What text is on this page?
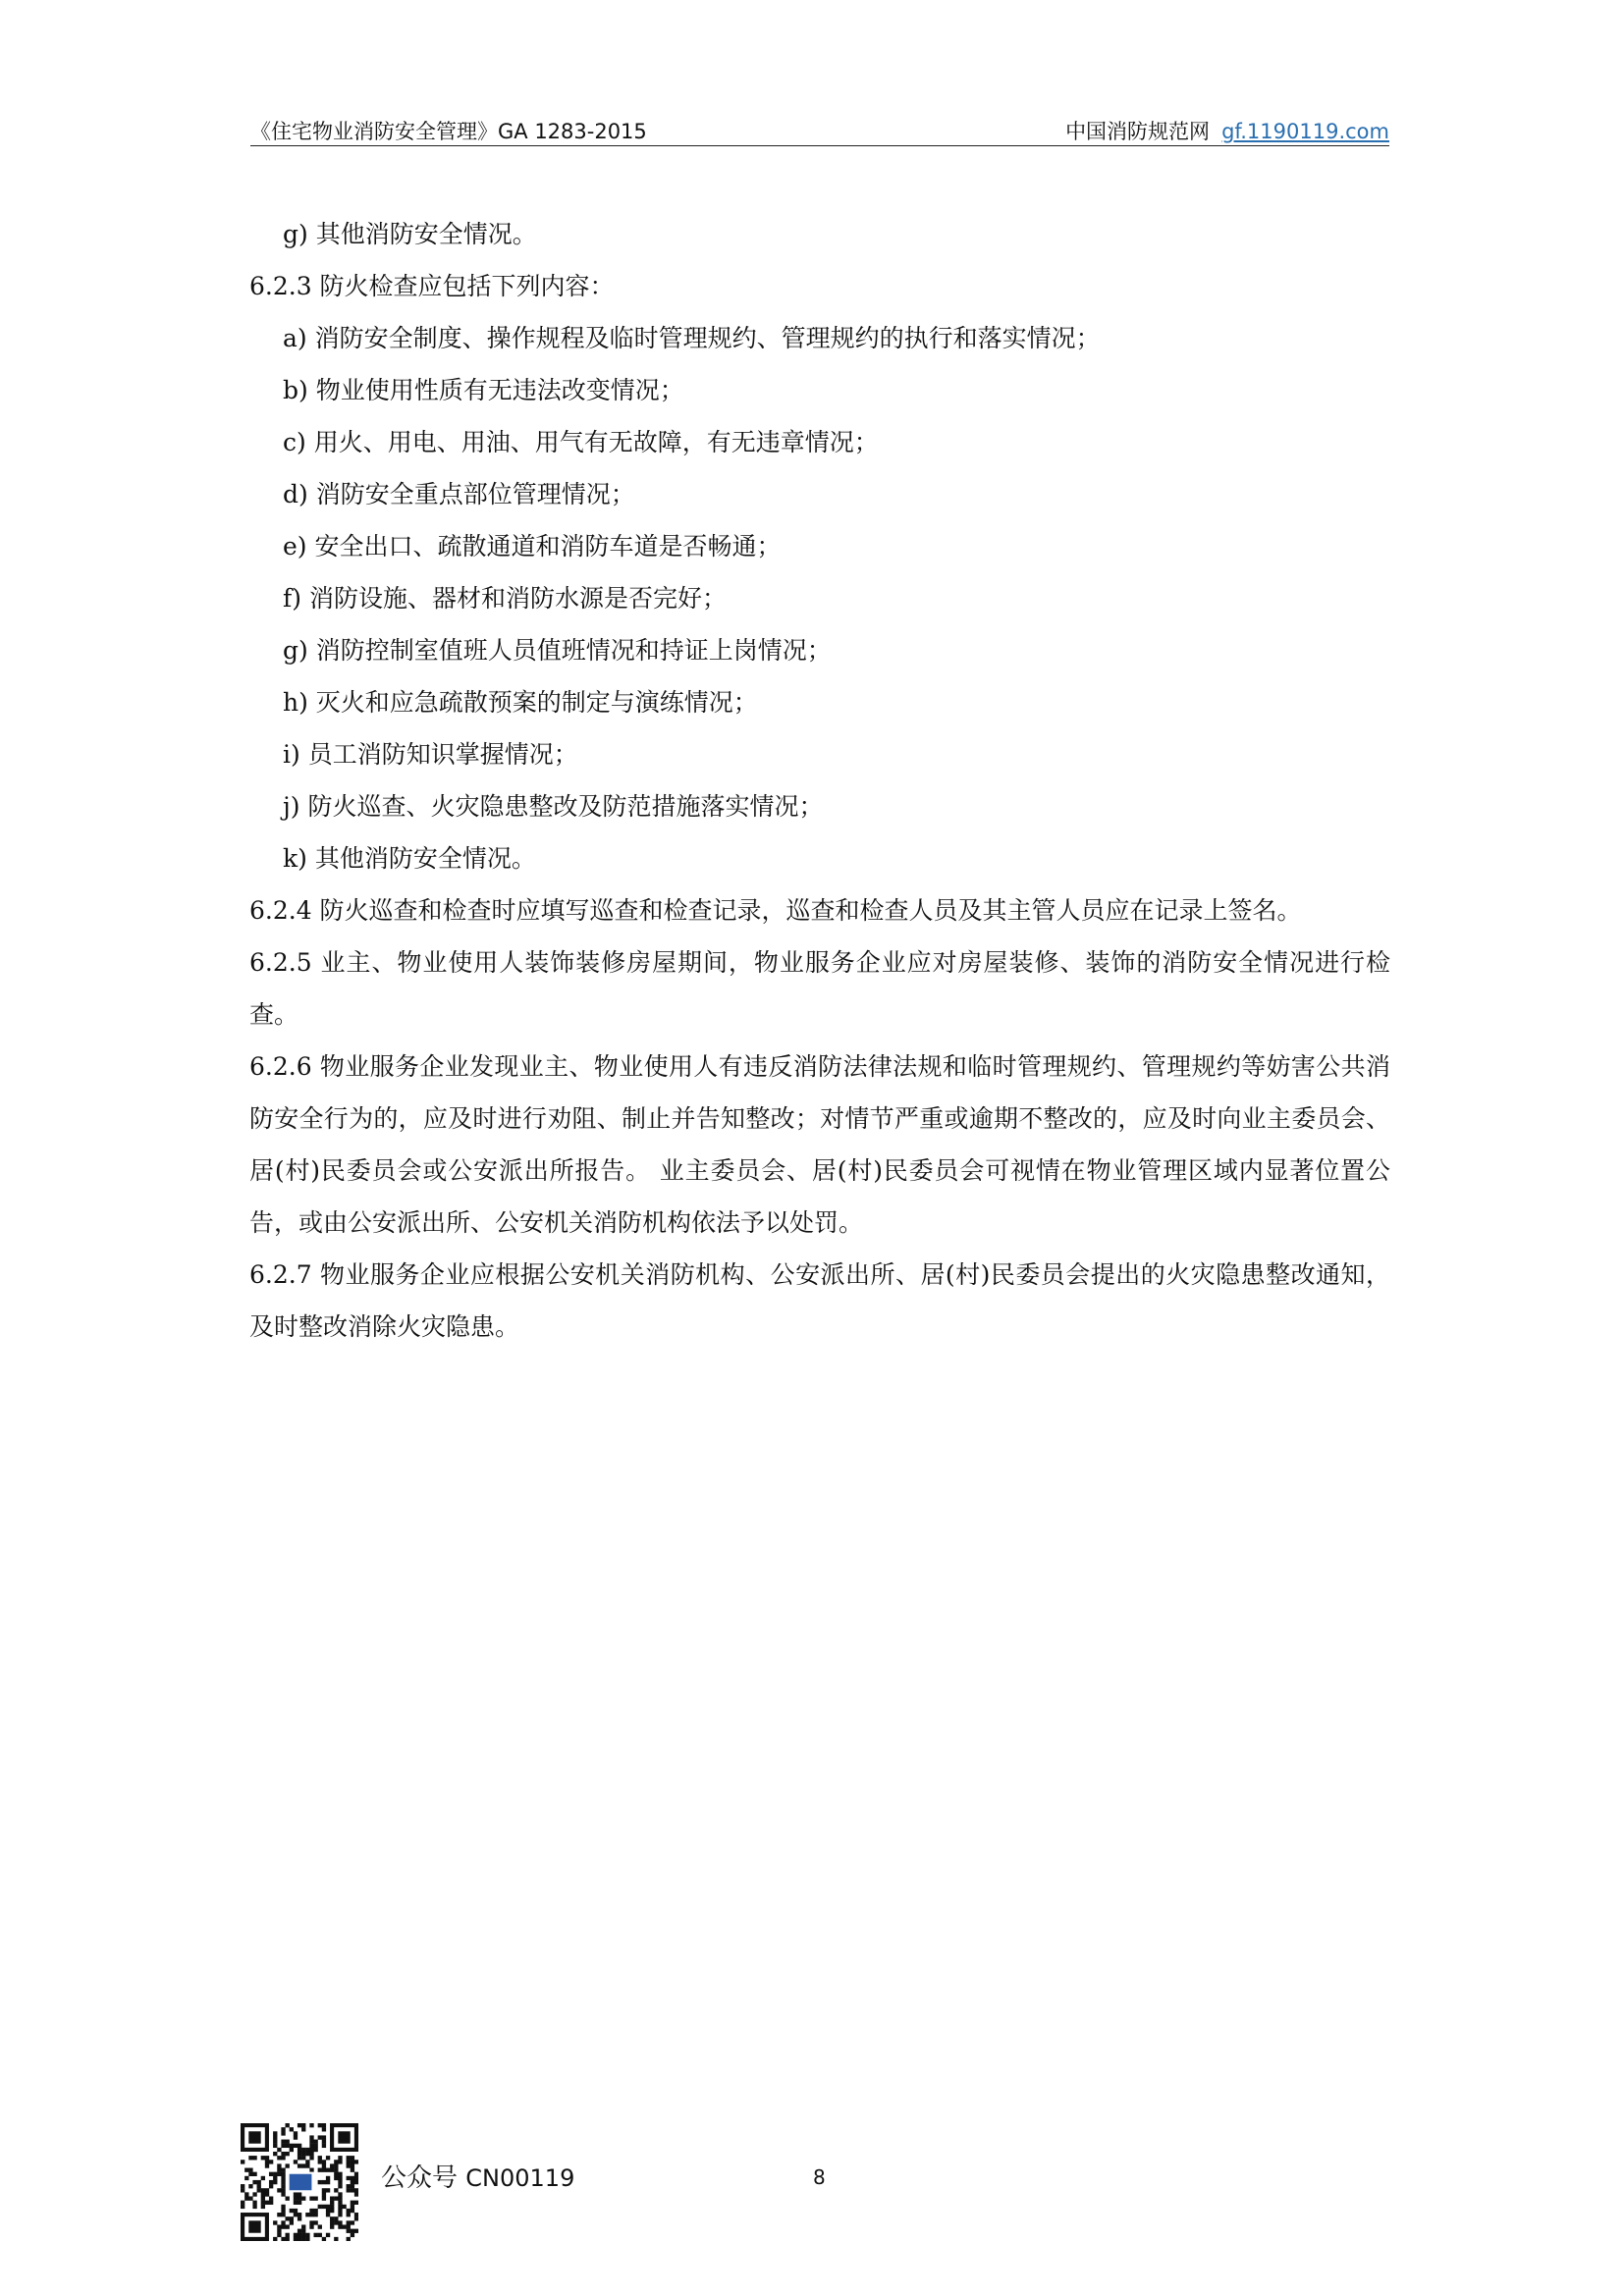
《住宅物业消防安全管理》GA 1283-2015	中国消防规范网 gf.1190119.com
g) 其他消防安全情况。
6.2.3 防火检查应包括下列内容：
a) 消防安全制度、操作规程及临时管理规约、管理规约的执行和落实情况；
b) 物业使用性质有无违法改变情况；
c) 用火、用电、用油、用气有无故障，有无违章情况；
d) 消防安全重点部位管理情况；
e) 安全出口、疏散通道和消防车道是否畅通；
f) 消防设施、器材和消防水源是否完好；
g) 消防控制室值班人员值班情况和持证上岗情况；
h) 灭火和应急疏散预案的制定与演练情况；
i) 员工消防知识掌握情况；
j) 防火巡查、火灾隐患整改及防范措施落实情况；
k) 其他消防安全情况。
6.2.4 防火巡查和检查时应填写巡查和检查记录，巡查和检查人员及其主管人员应在记录上签名。
6.2.5 业主、物业使用人装饰装修房屋期间，物业服务企业应对房屋装修、装饰的消防安全情况进行检查。
6.2.6 物业服务企业发现业主、物业使用人有违反消防法律法规和临时管理规约、管理规约等妨害公共消防安全行为的，应及时进行劝阻、制止并告知整改；对情节严重或逾期不整改的，应及时向业主委员会、居(村)民委员会或公安派出所报告。 业主委员会、居(村)民委员会可视情在物业管理区域内显著位置公告，或由公安派出所、公安机关消防机构依法予以处罚。
6.2.7 物业服务企业应根据公安机关消防机构、公安派出所、居(村)民委员会提出的火灾隐患整改通知，及时整改消除火灾隐患。
公众号 CN00119	8
